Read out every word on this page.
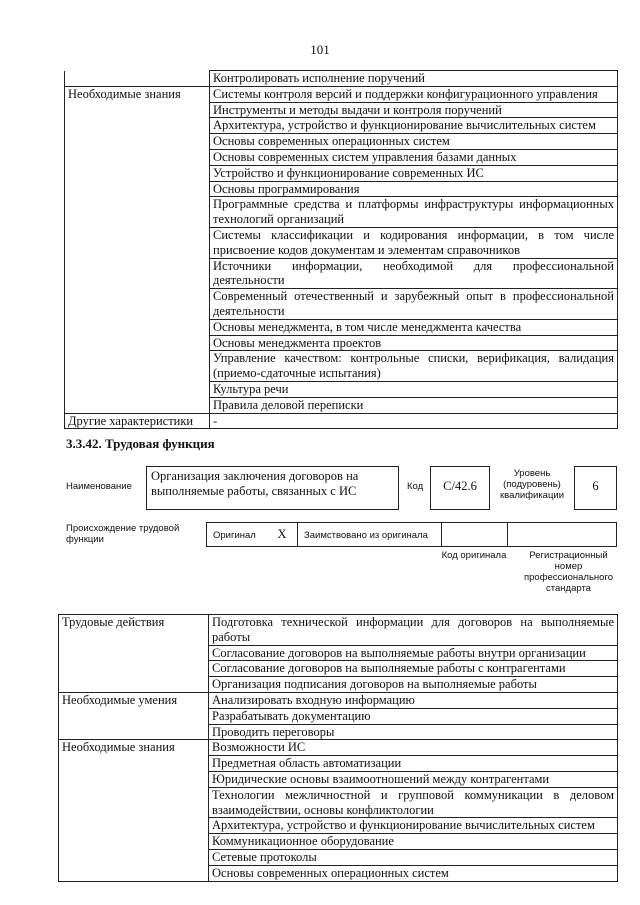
101
	Контролировать исполнение поручений
Необходимые знания	Системы контроля версий и поддержки конфигурационного управления
	Инструменты и методы выдачи и контроля поручений
	Архитектура, устройство и функционирование вычислительных систем
	Основы современных операционных систем
	Основы современных систем управления базами данных
	Устройство и функционирование современных ИС
	Основы программирования
	Программные средства и платформы инфраструктуры информационных технологий организаций
	Системы классификации и кодирования информации, в том числе присвоение кодов документам и элементам справочников
	Источники информации, необходимой для профессиональной деятельности
	Современный отечественный и зарубежный опыт в профессиональной деятельности
	Основы менеджмента, в том числе менеджмента качества
	Основы менеджмента проектов
	Управление качеством: контрольные списки, верификация, валидация (приемо-сдаточные испытания)
	Культура речи
	Правила деловой переписки
Другие характеристики	-
3.3.42. Трудовая функция
Наименование
Организация заключения договоров на выполняемые работы, связанных с ИС	Код	C/42.6
Уровень (подуровень) квалификации
6
Происхождение трудовой функции	Оригинал	X	Заимствовано из оригинала
Код оригинала	Регистрационный номер профессионального стандарта
Трудовые действия	Подготовка технической информации для договоров на выполняемые работы
	Согласование договоров на выполняемые работы внутри организации
	Согласование договоров на выполняемые работы с контрагентами
	Организация подписания договоров на выполняемые работы
Необходимые умения	Анализировать входную информацию
	Разрабатывать документацию
	Проводить переговоры
Необходимые знания	Возможности ИС
	Предметная область автоматизации
	Юридические основы взаимоотношений между контрагентами
	Технологии межличностной и групповой коммуникации в деловом взаимодействии, основы конфликтологии
	Архитектура, устройство и функционирование вычислительных систем
	Коммуникационное оборудование
	Сетевые протоколы
	Основы современных операционных систем
